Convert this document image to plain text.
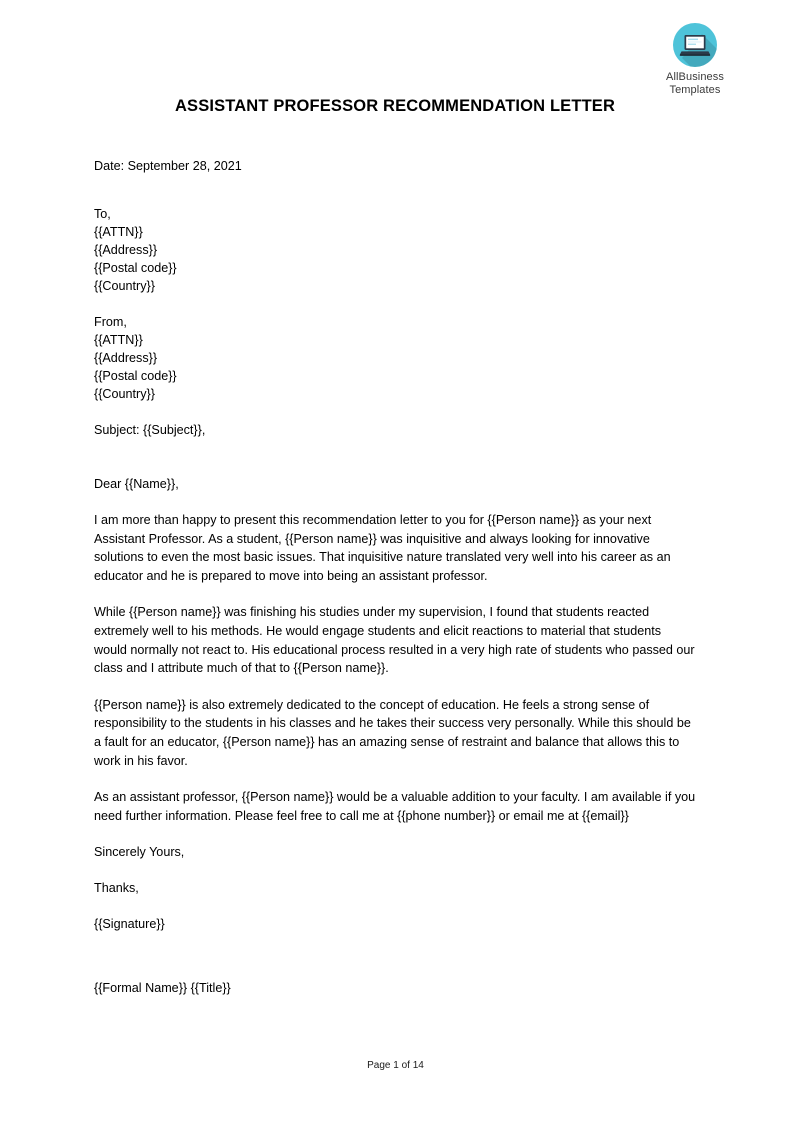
AllBusiness
Templates
ASSISTANT PROFESSOR RECOMMENDATION LETTER

Date: September 28, 2021

To,
{{ATTN}}
{{Address}}
{{Postal code}}
{{Country}}
From,
{{ATTN}}
{{Address}}
{{Postal code}}
{{Country}}

Subject: {{Subject}},

Dear {{Name}},

I am more than happy to present this recommendation letter to you for {{Person name}} as your next Assistant Professor. As a student, {{Person name}} was inquisitive and always looking for innovative solutions to even the most basic issues. That inquisitive nature translated very well into his career as an educator and he is prepared to move into being an assistant professor.

While {{Person name}} was finishing his studies under my supervision, I found that students reacted extremely well to his methods. He would engage students and elicit reactions to material that students would normally not react to. His educational process resulted in a very high rate of students who passed our class and I attribute much of that to {{Person name}}.

{{Person name}} is also extremely dedicated to the concept of education. He feels a strong sense of responsibility to the students in his classes and he takes their success very personally. While this should be a fault for an educator, {{Person name}} has an amazing sense of restraint and balance that allows this to work in his favor.

As an assistant professor, {{Person name}} would be a valuable addition to your faculty. I am available if you need further information. Please feel free to call me at {{phone number}} or email me at {{email}}

Sincerely Yours,

Thanks,

{{Signature}}

{{Formal Name}} {{Title}}

Page 1 of 14
